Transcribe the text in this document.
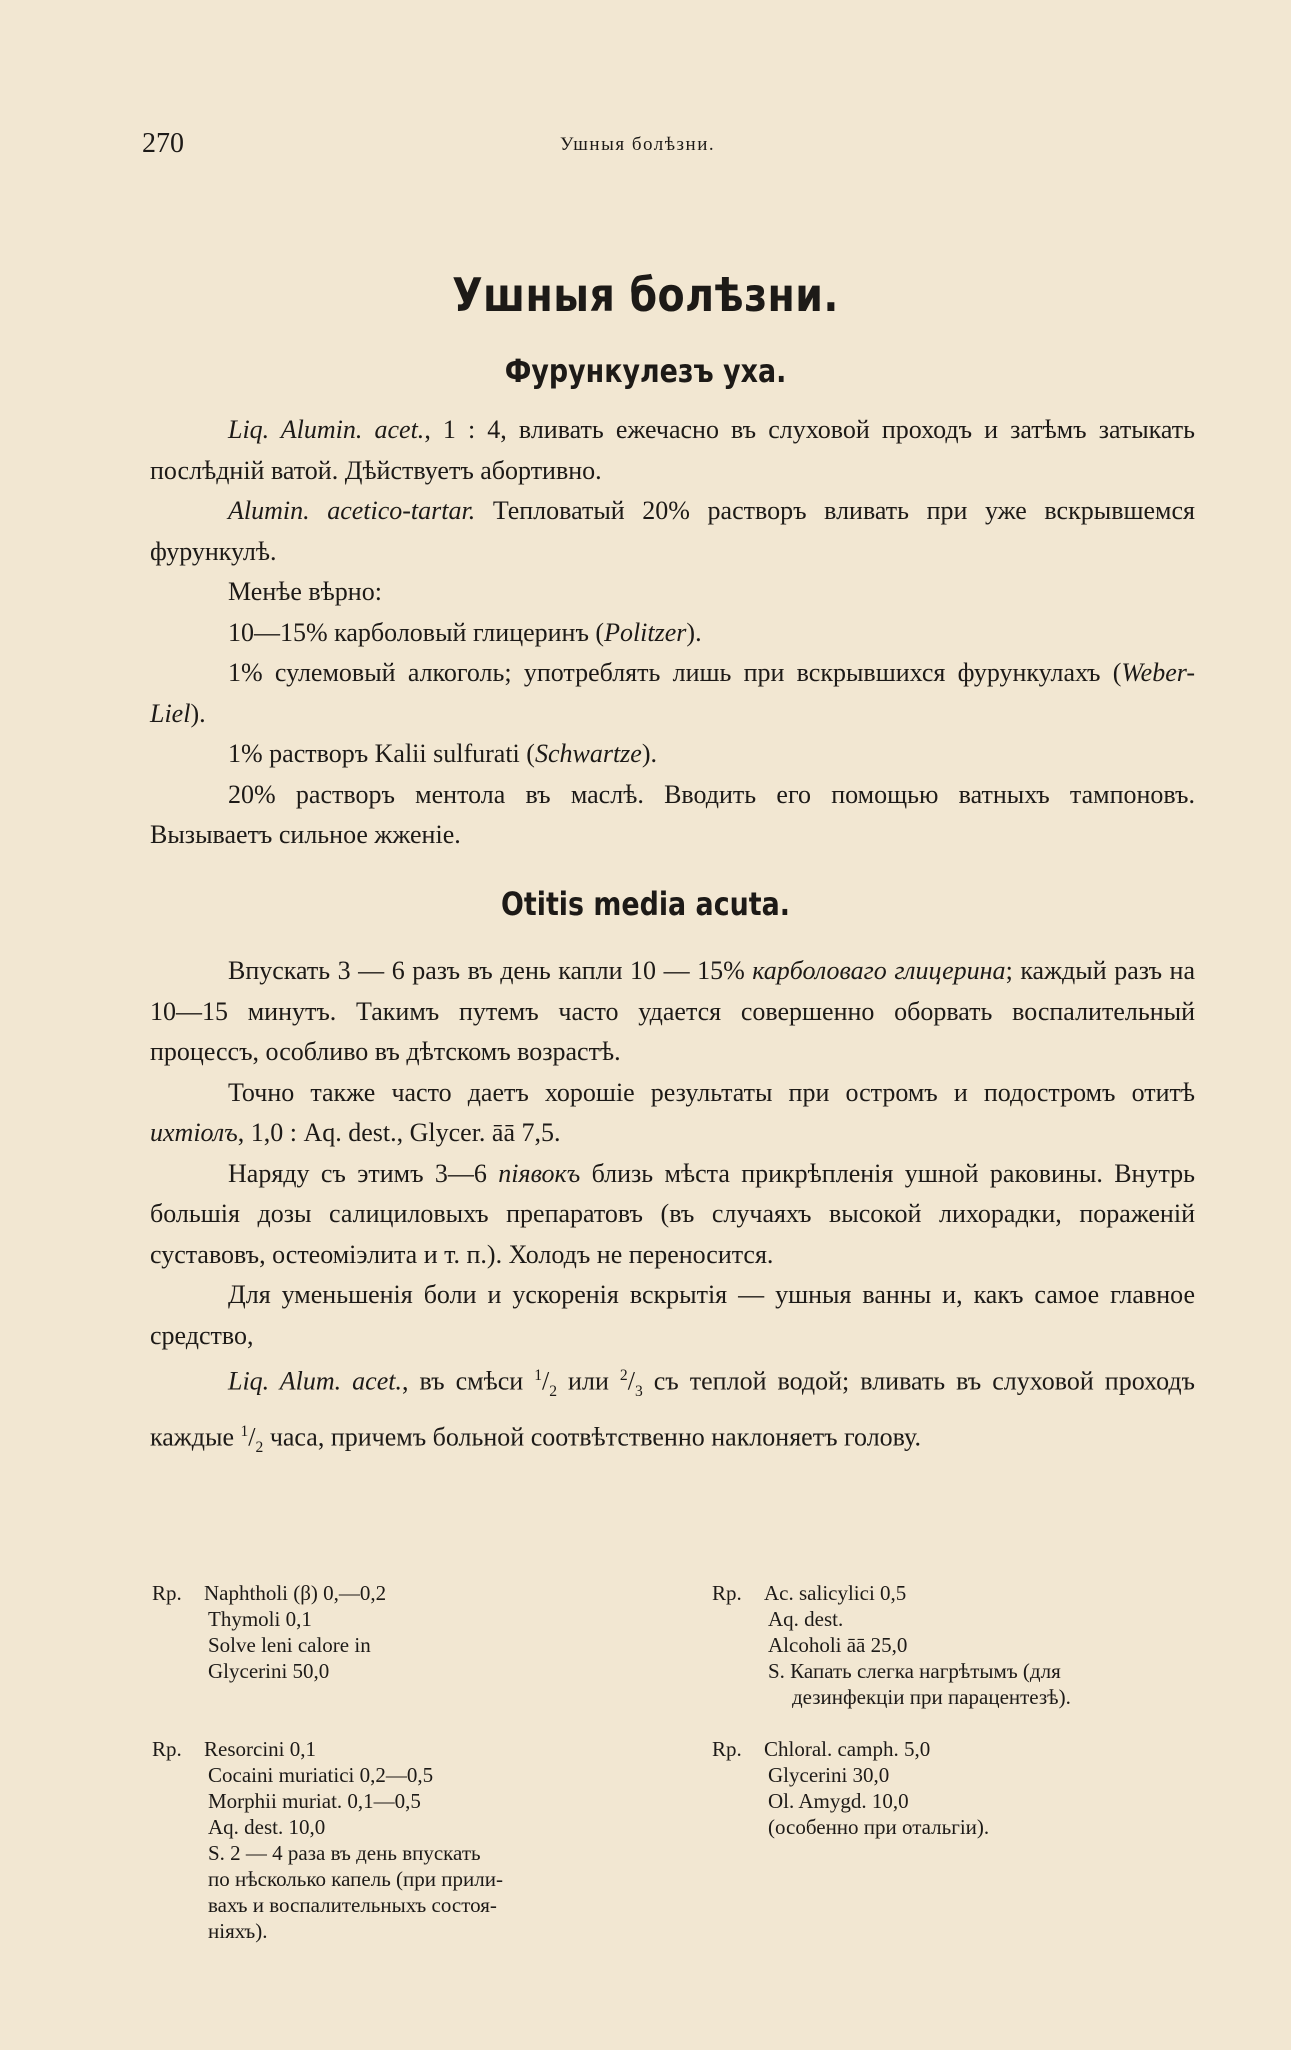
270	Ушныя болѣзни.
Ушныя болѣзни.
Фурункулезъ уха.

Liq. Alumin. acet., 1 : 4, вливать ежечасно въ слуховой проходъ и затѣмъ затыкать послѣдній ватой. Дѣйствуетъ абортивно.

Alumin. acetico-tartar. Тепловатый 20% растворъ вливать при уже вскрывшемся фурункулѣ.

Менѣе вѣрно:

10—15% карболовый глицеринъ (Politzer).

1% сулемовый алкоголь; употреблять лишь при вскрывшихся фурункулахъ (Weber-Liel).

1% растворъ Kalii sulfurati (Schwartze).

20% растворъ ментола въ маслѣ. Вводить его помощью ватныхъ тампоновъ. Вызываетъ сильное жженіе.

Otitis media acuta.

Впускать 3 — 6 разъ въ день капли 10 — 15% карболоваго глицерина; каждый разъ на 10—15 минутъ. Такимъ путемъ часто удается совершенно оборвать воспалительный процессъ, особливо въ дѣтскомъ возрастѣ.

Точно также часто даетъ хорошіе результаты при остромъ и подостромъ отитѣ ихтіолъ, 1,0 : Aq. dest., Glycer. āā 7,5.

Наряду съ этимъ 3—6 піявокъ близь мѣста прикрѣпленія ушной раковины. Внутрь большія дозы салициловыхъ препаратовъ (въ случаяхъ высокой лихорадки, пораженій суставовъ, остеоміэлита и т. п.). Холодъ не переносится.

Для уменьшенія боли и ускоренія вскрытія — ушныя ванны и, какъ самое главное средство,

Liq. Alum. acet., въ смѣси $^1/_2$ или $^2/_3$ съ теплой водой; вливать въ слуховой проходъ каждые $^1/_2$ часа, причемъ больной соотвѣтственно наклоняетъ голову.

Rp. Naphtholi (β) 0,—0,2
Thymoli 0,1
Solve leni calore in
Glycerini 50,0
Rp. Ac. salicylici 0,5
Aq. dest.
Alcoholi āā 25,0
S. Капать слегка нагрѣтымъ (для
дезинфекціи при парацентезѣ).
Rp. Resorcini 0,1
Cocaini muriatici 0,2—0,5
Morphii muriat. 0,1—0,5
Aq. dest. 10,0
S. 2 — 4 раза въ день впускать
по нѣсколько капель (при прили-
вахъ и воспалительныхъ состоя-
ніяхъ).
Rp. Chloral. camph. 5,0
Glycerini 30,0
Ol. Amygd. 10,0
(особенно при отальгіи).
